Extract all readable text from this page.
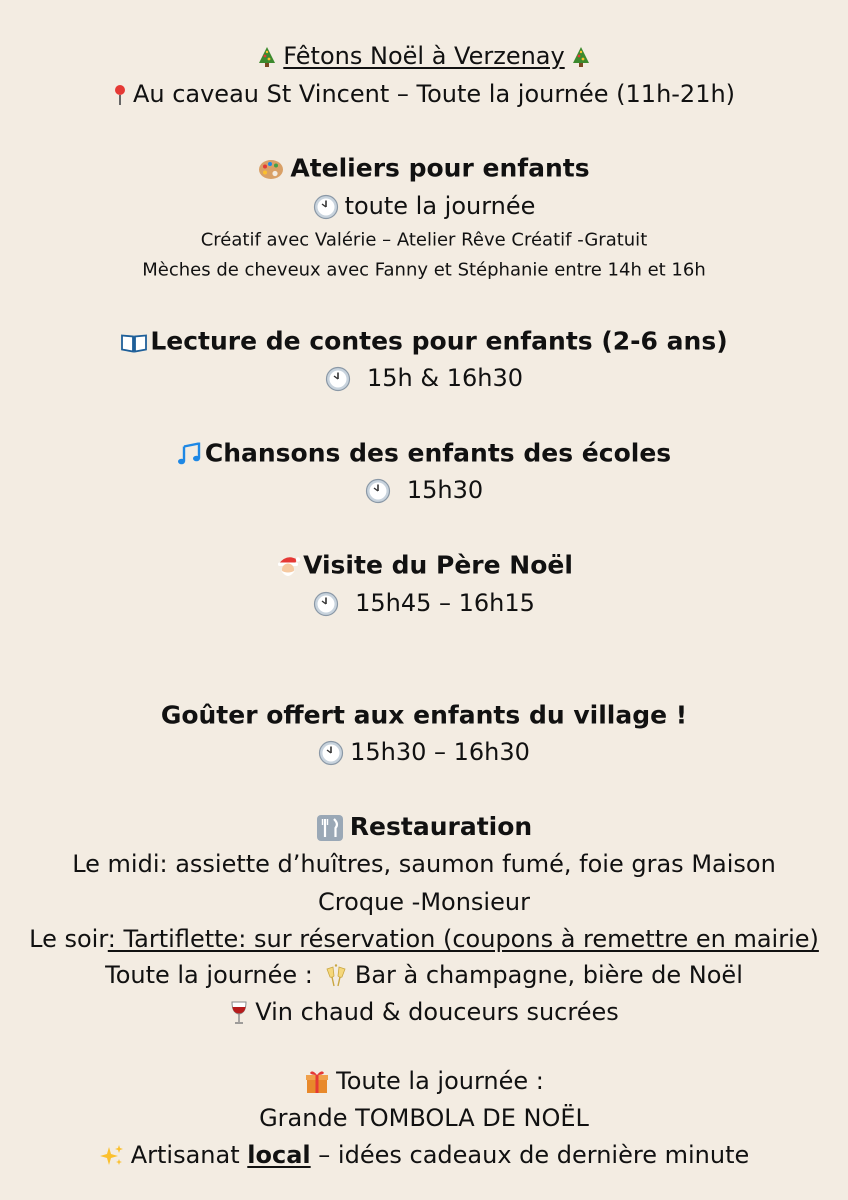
Fêtons Noël à Verzenay
Au caveau St Vincent – Toute la journée (11h-21h)
Ateliers pour enfants
toute la journée
Créatif avec Valérie – Atelier Rêve Créatif -Gratuit
Mèches de cheveux avec Fanny et Stéphanie entre 14h et 16h
Lecture de contes pour enfants (2-6 ans)
15h & 16h30
Chansons des enfants des écoles
15h30
Visite du Père Noël
15h45 – 16h15
Goûter offert aux enfants du village !
15h30 – 16h30
Restauration
Le midi: assiette d’huîtres, saumon fumé, foie gras Maison
Croque -Monsieur
Le soir: Tartiflette: sur réservation (coupons à remettre en mairie)
Toute la journée : Bar à champagne, bière de Noël
Vin chaud & douceurs sucrées
Toute la journée :
Grande TOMBOLA DE NOËL
Artisanat local – idées cadeaux de dernière minute
